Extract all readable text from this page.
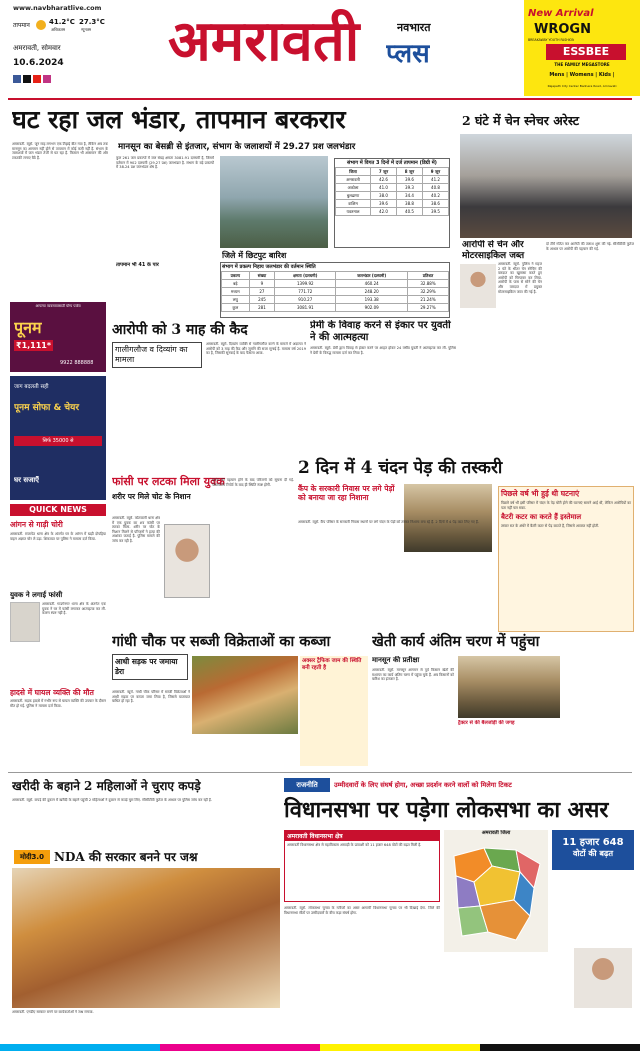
www.navbharatlive.com
तापमान	41.2°C
अधिकतम
27.3°C
न्यूनतम
अमरावती, सोमवार
10.6.2024 अमरावती	नवभारत
प्लस
New Arrival
WROGN
BREAKAWAY YOUTH FASHION
ESSBEE
THE FAMILY MEGASTORE
Mens | Womens | Kids |
Rajapeth City Center Badnera Road, Amravati
घट रहा जल भंडार, तापमान बरकरार
मानसून का बेसब्री से इंतजार, संभाग के जलाशयों में 29.27 प्रश जलभंडार

अमरावती. ब्यूरो. जून माह लगभग एक तिहाई बीत गया है, लेकिन अब तक मानसून का आगमन नहीं होने से तापमान में कोई कमी नहीं है. संभाग के जलाशयों में जल भंडार तेजी से घट रहा है. किसान भी आसमान की ओर टकटकी लगाए बैठे हैं.	कुल 261 जल प्रकल्पों में जल संग्रह क्षमता 3081.91 दलघमी है, जिसमें वर्तमान में 902 दलघमी (29.27 प्रश) जलभंडार है. संभाग के बड़े प्रकल्पों में 38.24 प्रश जलभंडार शेष है.

तापमान भी 41 के पार
जिले में छिटपुट बारिश
संभाग में विगत 3 दिनों में दर्ज तापमान (डिग्री में)
जिला	7 जून	8 जून	9 जून
अमरावती	42.6	39.6	41.2
अकोला	41.0	39.3	40.8
बुलढाणा	38.0	34.4	40.2
वाशिम	39.6	38.8	38.6
यवतमाल	42.0	40.5	39.5
संभाग में प्रकल्प निहाय जलभंडार की वर्तमान स्थिति
प्रकल्प	संख्या	क्षमता (दलघमी)	जलभंडार (दलघमी)	प्रतिशत
बड़े	9	1399.92	460.24	32.88%
मध्यम	27	771.72	248.20	32.29%
लघु	245	910.27	193.38	21.24%
कुल	281	3081.91	902.09	29.27%
2 घंटे में चेन स्नेचर अरेस्ट
आरोपी से चेन और मोटरसाइकिल जब्त

अमरावती. ब्यूरो. पुलिस ने महज 2 घंटे के भीतर चेन स्नेचिंग की वारदात का खुलासा करते हुए आरोपी को गिरफ्तार कर लिया. आरोपी के पास से सोने की चेन और वारदात में प्रयुक्त मोटरसाइकिल जब्त की गई है.

दो टीमें गठित कर आरोपी की तलाश शुरू की गई. सीसीटीवी फुटेज के आधार पर आरोपी की पहचान की गई.

आपल्या व्यवसायासाठी योग्य पर्याय
पूनम
₹1,111*
9922 888888
जाग बदलती सही
पूनम सोफा & चेयर
सिर्फ 35000 से
घर सजाएँ
आरोपी को 3 माह की कैद
गालीगलौज व दिव्यांग का मामला

अमरावती. ब्यूरो. दिव्यांग व्यक्ति से गालीगलौज करने के मामले में अदालत ने आरोपी को 3 माह की कैद और जुर्माने की सजा सुनाई है. मामला वर्ष 2019 का है, जिसकी सुनवाई के बाद फैसला आया.

प्रेमी के विवाह करने से इंकार पर युवती ने की आत्महत्या

अमरावती. ब्यूरो. प्रेमी द्वारा विवाह से इंकार करने पर आहत होकर 24 वर्षीय युवती ने आत्महत्या कर ली. पुलिस ने प्रेमी के विरुद्ध मामला दर्ज कर लिया है.

QUICK NEWS
आंगन से गाड़ी चोरी
अमरावती. राजापेठ थाना क्षेत्र के अंतर्गत घर के आंगन में खड़ी दोपहिया वाहन अज्ञात चोर ले उड़ा. शिकायत पर पुलिस ने मामला दर्ज किया.
युवक ने लगाई फांसी
अमरावती. गाडगेनगर थाना क्षेत्र के अंतर्गत एक युवक ने घर में फांसी लगाकर आत्महत्या कर ली. कारण स्पष्ट नहीं है.
हादसे में घायल व्यक्ति की मौत
अमरावती. सड़क हादसे में गंभीर रूप से घायल व्यक्ति की उपचार के दौरान मौत हो गई. पुलिस ने मामला दर्ज किया.
फांसी पर लटका मिला युवक
शरीर पर मिले चोट के निशान

अमरावती. ब्यूरो. कोतवाली थाना क्षेत्र में एक युवक का शव फांसी पर लटका मिला. शरीर पर चोट के निशान मिलने से परिजनों ने हत्या की आशंका जताई है. पुलिस मामले की जांच कर रही है.

मृतक की पहचान होने के बाद परिजनों को सूचना दी गई. पोस्टमार्टम रिपोर्ट के बाद ही स्थिति स्पष्ट होगी.

2 दिन में 4 चंदन पेड़ की तस्करी
कैंप के सरकारी निवास पर लगे पेड़ों को बनाया जा रहा निशाना

अमरावती. ब्यूरो. कैंप परिसर के सरकारी निवास स्थानों पर लगे चंदन के पेड़ों को तस्कर निशाना बना रहे हैं. 2 दिनों में 4 पेड़ काट लिए गए हैं.

पिछले वर्ष भी हुई थी घटनाएं
पिछले वर्ष भी इसी परिसर में चंदन के पेड़ चोरी होने की घटनाएं सामने आई थीं, लेकिन आरोपियों का पता नहीं चल सका.
बैटरी कटर का करते हैं इस्तेमाल
तस्कर रात के अंधेरे में बैटरी कटर से पेड़ काटते हैं, जिससे आवाज नहीं होती.
गांधी चौक पर सब्जी विक्रेताओं का कब्जा
आधी सड़क पर जमाया डेरा
अक्सर ट्रैफिक जाम की स्थिति बनी रहती है

अमरावती. ब्यूरो. गांधी चौक परिसर में सब्जी विक्रेताओं ने आधी सड़क पर कब्जा जमा लिया है, जिससे यातायात बाधित हो रहा है.

खेती कार्य अंतिम चरण में पहुंचा
मानसून की प्रतीक्षा

अमरावती. ब्यूरो. मानसून आगमन से पूर्व किसान खेतों की मशागत का कार्य अंतिम चरण में पहुंचा चुके हैं. अब किसानों को बारिश का इंतजार है.

ट्रैक्टर से की बैलजोड़ी की जगह
खरीदी के बहाने 2 महिलाओं ने चुराए कपड़े

अमरावती. ब्यूरो. कपड़े की दुकान में खरीदी के बहाने पहुंची 2 महिलाओं ने दुकान से कपड़े चुरा लिए. सीसीटीवी फुटेज के आधार पर पुलिस जांच कर रही है.

मोदी3.0 NDA की सरकार बनने पर जश्न

अमरावती. एनडीए सरकार बनने पर कार्यकर्ताओं ने जश्न मनाया.

राजनीति	उम्मीदवारों के लिए संघर्ष होगा, अच्छा प्रदर्शन करने वालों को मिलेगा टिकट
विधानसभा पर पड़ेगा लोकसभा का असर
अमरावती विधानसभा क्षेत्र
अमरावती विधानसभा क्षेत्र से महाविकास आघाड़ी के प्रत्याशी को 11 हजार 648 वोटों की बढ़त मिली है.
अमरावती जिला
11 हजार 648
वोटों की बढ़त

अमरावती. ब्यूरो. लोकसभा चुनाव के नतीजों का असर आगामी विधानसभा चुनाव पर भी दिखाई देगा. जिले की विधानसभा सीटों पर उम्मीदवारों के बीच कड़ा संघर्ष होगा.
